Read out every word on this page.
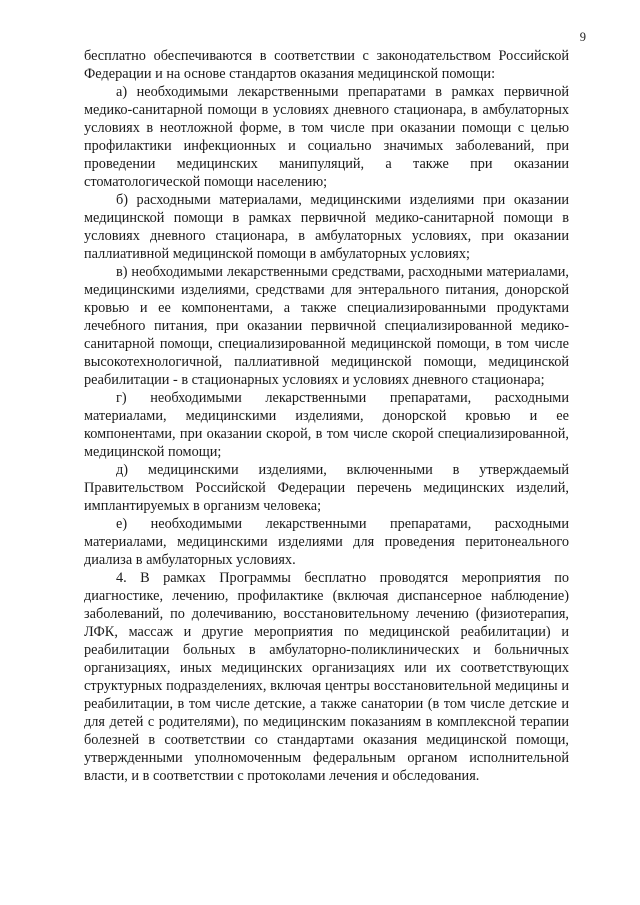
9

бесплатно обеспечиваются в соответствии с законодательством Российской Федерации и на основе стандартов оказания медицинской помощи:

а) необходимыми лекарственными препаратами в рамках первичной медико-санитарной помощи в условиях дневного стационара, в амбулаторных условиях в неотложной форме, в том числе при оказании помощи с целью профилактики инфекционных и социально значимых заболеваний, при проведении медицинских манипуляций, а также при оказании стоматологической помощи населению;

б) расходными материалами, медицинскими изделиями при оказании медицинской помощи в рамках первичной медико-санитарной помощи в условиях дневного стационара, в амбулаторных условиях, при оказании паллиативной медицинской помощи в амбулаторных условиях;

в) необходимыми лекарственными средствами, расходными материалами, медицинскими изделиями, средствами для энтерального питания, донорской кровью и ее компонентами, а также специализированными продуктами лечебного питания, при оказании первичной специализированной медико-санитарной помощи, специализированной медицинской помощи, в том числе высокотехнологичной, паллиативной медицинской помощи, медицинской реабилитации - в стационарных условиях и условиях дневного стационара;

г) необходимыми лекарственными препаратами, расходными материалами, медицинскими изделиями, донорской кровью и ее компонентами, при оказании скорой, в том числе скорой специализированной, медицинской помощи;

д) медицинскими изделиями, включенными в утверждаемый Правительством Российской Федерации перечень медицинских изделий, имплантируемых в организм человека;

е) необходимыми лекарственными препаратами, расходными материалами, медицинскими изделиями для проведения перитонеального диализа в амбулаторных условиях.

4. В рамках Программы бесплатно проводятся мероприятия по диагностике, лечению, профилактике (включая диспансерное наблюдение) заболеваний, по долечиванию, восстановительному лечению (физиотерапия, ЛФК, массаж и другие мероприятия по медицинской реабилитации) и реабилитации больных в амбулаторно-поликлинических и больничных организациях, иных медицинских организациях или их соответствующих структурных подразделениях, включая центры восстановительной медицины и реабилитации, в том числе детские, а также санатории (в том числе детские и для детей с родителями), по медицинским показаниям в комплексной терапии болезней в соответствии со стандартами оказания медицинской помощи, утвержденными уполномоченным федеральным органом исполнительной власти, и в соответствии с протоколами лечения и обследования.
